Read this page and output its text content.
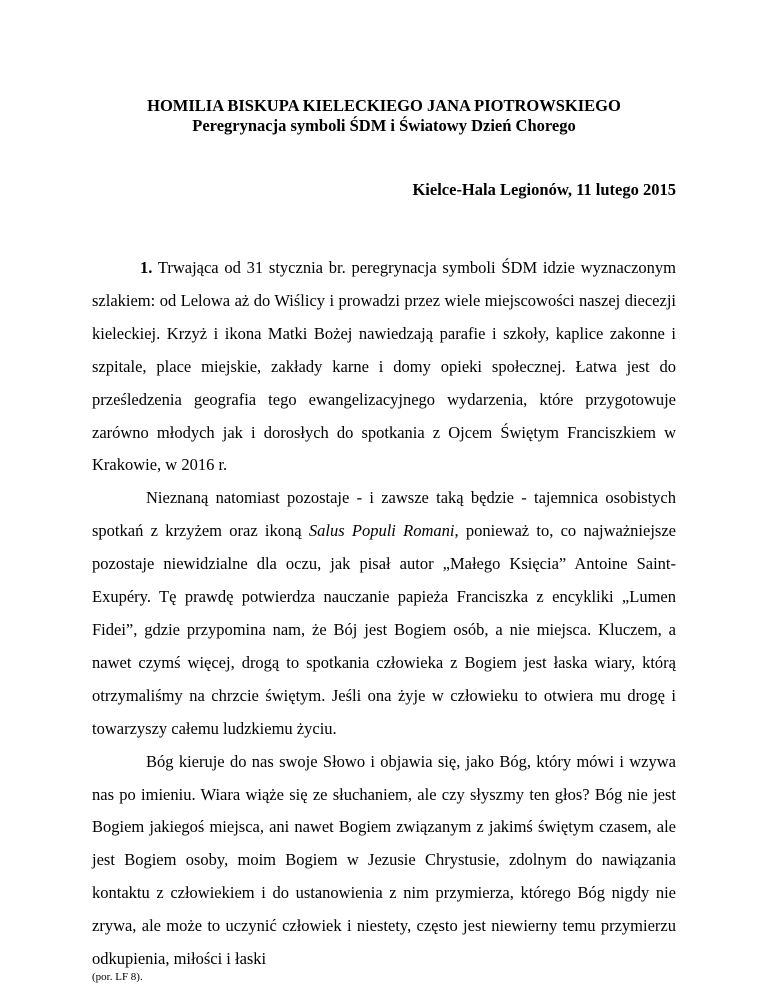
HOMILIA BISKUPA KIELECKIEGO JANA PIOTROWSKIEGO
Peregrynacja symboli ŚDM i Światowy Dzień Chorego
Kielce-Hala Legionów, 11 lutego 2015

1. Trwająca od 31 stycznia br. peregrynacja symboli ŚDM idzie wyznaczonym szlakiem: od Lelowa aż do Wiślicy i prowadzi przez wiele miejscowości naszej diecezji kieleckiej. Krzyż i ikona Matki Bożej nawiedzają parafie i szkoły, kaplice zakonne i szpitale, place miejskie, zakłady karne i domy opieki społecznej. Łatwa jest do prześledzenia geografia tego ewangelizacyjnego wydarzenia, które przygotowuje zarówno młodych jak i dorosłych do spotkania z Ojcem Świętym Franciszkiem w Krakowie, w 2016 r.

Nieznaną natomiast pozostaje - i zawsze taką będzie - tajemnica osobistych spotkań z krzyżem oraz ikoną Salus Populi Romani, ponieważ to, co najważniejsze pozostaje niewidzialne dla oczu, jak pisał autor „Małego Księcia” Antoine Saint-Exupéry. Tę prawdę potwierdza nauczanie papieża Franciszka z encykliki „Lumen Fidei”, gdzie przypomina nam, że Bój jest Bogiem osób, a nie miejsca. Kluczem, a nawet czymś więcej, drogą to spotkania człowieka z Bogiem jest łaska wiary, którą otrzymaliśmy na chrzcie świętym. Jeśli ona żyje w człowieku to otwiera mu drogę i towarzyszy całemu ludzkiemu życiu.

Bóg kieruje do nas swoje Słowo i objawia się, jako Bóg, który mówi i wzywa nas po imieniu. Wiara wiąże się ze słuchaniem, ale czy słyszmy ten głos? Bóg nie jest Bogiem jakiegoś miejsca, ani nawet Bogiem związanym z jakimś świętym czasem, ale jest Bogiem osoby, moim Bogiem w Jezusie Chrystusie, zdolnym do nawiązania kontaktu z człowiekiem i do ustanowienia z nim przymierza, którego Bóg nigdy nie zrywa, ale może to uczynić człowiek i niestety, często jest niewierny temu przymierzu odkupienia, miłości i łaski

(por. LF 8).
